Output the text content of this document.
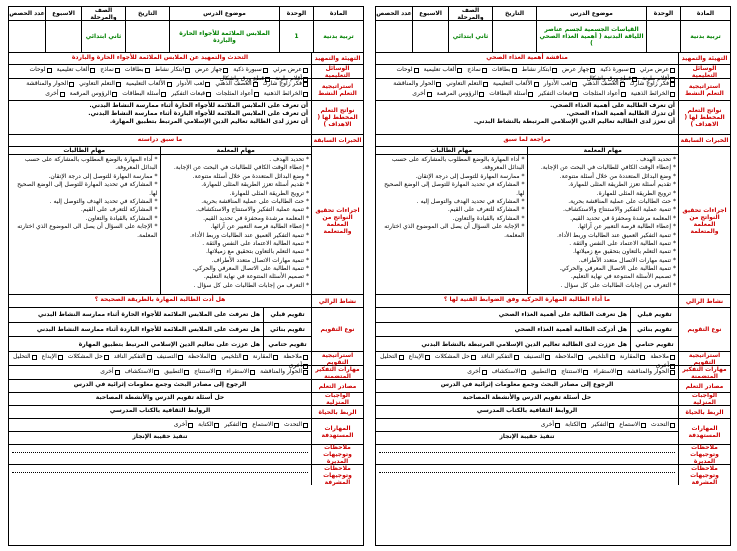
المادة
تربية بدنية
الوحدة
موضوع الدرس
القياسات الجسمية لجسم عناصر اللياقة البدنية ( أهمية الغذاء الصحي )
التاريخ
الصف والمرحلة
ثاني ابتدائي
الاسبوع
عدد الحصص
التهيئة والتمهيد
مناقشة أهمية الغذاء الصحي
الوسائل التعليمية
عرض مرئي
سبورة ذكية
جهاز عرض
ابتكار نشاط
بطاقات
نماذج
ألعاب تعليمية
لوحات
أقلام ملونة
قطع ورق واشكال
استراتيجية التعلم النشط
فكر زاوج شارك
العصف الذهني
لعب الأدوار
الألعاب التعليمية
التعلم التعاوني
الحوار والمناقشة
الخرائط الذهنية
أعواد المثلجات
قبعات التفكير
أسئلة البطاقات
الرؤوس المرقمة
أخرى
نواتج التعلم المخطط لها ( الاهداف )
أن تعرف الطالبة على أهمية الغذاء الصحي.
أن تدرك الطالبة أهمية الغذاء الصحي.
أن تعزز لدى الطالبة تعاليم الدين الإسلامي المرتبطة بالنشاط البدني.
الخبرات السابقة
مراجعة لما سبق
اجراءات تحقيق النواتج من المعلمة والمتعلمة
مهام المعلمة
مهام الطالبات
* تحديد الهدف .
* إعطاء الوقت الكافي للطالبات في البحث عن الإجابة.
* وضع البدائل المتعددة من خلال أسئلة متنوعة.
* تقديم أسئلة تعزز الطريقة المثلى للمهارة.
* ترويج الطريقة المثلى للمهارة.
* حث الطالبات على عملية المناقشة بحرية.
* تنمية عملية التفكير والاستنتاج والاستكشاف.
* المعلمة مرشدة ومحفزة في تحديد القيم.
* إعطاء الطالبة فرصة التعبير عن آرائها.
* تنمية التفكير العميق عند الطالبات وربط الأداء.
* تنمية الطالبة الاعتماد على النفس والثقة .
* تنمية التعلم بالتعاون بتحقيق مع زميلاتها.
* تنمية مهارات الاتصال متعدد الأطراف.
* تنمية الطالبة على الاتصال المعرفي والحركي.
* تصميم الأسئلة المتنوعة في نهاية التعليم.
* التعرف من إجابات الطالبات على كل سؤال .
* أداء المهارة بالوضع المطلوب بالمشاركة على حسب البدائل المعروفة.
* ممارسة المهارة للتوصل إلى درجة الإتقان.
* المشاركة في تحديد المهارة للتوصل إلى الوضع الصحيح لها.
* المشاركة في تحديد الهدف والتوصل إليه .
* المشاركة للتعرف على القيم.
* المشاركة بالقيادة والتعاون.
* الإجابة على السؤال أن يصل الى الموضوع الذي اختارته المعلمة.
نشاط الرالي
ما أداء الطالبة المهارة الحركية وفق الضوابط الفنية لها ؟
نوع التقويم
تقويم قبلي
هل تعرفت الطالبة على أهمية الغذاء الصحي
تقويم بنائي
هل أدركت الطالبة أهمية الغذاء الصحي
تقويم ختامي
هل عززت لدى الطالبة تعاليم الدين الإسلامي المرتبطة بالنشاط البدني
استراتيجية التقويم
ملاحظة
المقارنة
التلخيص
الملاحظة
التصنيف
التفكير الناقد
حل المشكلات
الإبداع
التحليل
أخرى	مهارات التفكير المتضمنة
الحوار والمناقشة
الاستقراء
الاستنتاج
التطبيق
الاستكشاف
أخرى
مصادر التعلم
الرجوع إلى مصادر البحث وجمع معلومات إثرائية في الدرس
الواجبات المنزلية
حل أسئلة تقويم الدرس والأنشطة المصاحبة
الربط بالحياة
الروابط الثقافية بالكتاب المدرسي
المهارات المستهدفة
التحدث
الاستماع
التفكير
الكتابة
أخرى
تنفيذ حقيبة الإنجاز
ملاحظات وتوجيهات المديرة
ملاحظات وتوجيهات المشرفة
المادة
تربية بدنية
الوحدة
1
موضوع الدرس
الملابس الملائمة للأجواء الحارة والباردة
التاريخ
الصف والمرحلة
ثاني ابتدائي
الاسبوع
عدد الحصص
التهيئة والتمهيد
التحدث والتمهيد عن الملابس الملائمة للأجواء الحارة والباردة
الوسائل التعليمية
عرض مرئي
سبورة ذكية
جهاز عرض
ابتكار نشاط
بطاقات
نماذج
ألعاب تعليمية
لوحات
أقلام ملونة
قطع ورق واشكال
استراتيجية التعلم النشط
فكر زاوج شارك
العصف الذهني
لعب الأدوار
الألعاب التعليمية
التعلم التعاوني
الحوار والمناقشة
الخرائط الذهنية
أعواد المثلجات
قبعات التفكير
أسئلة البطاقات
الرؤوس المرقمة
أخرى
نواتج التعلم المخطط لها ( الاهداف )
أن تعرف على الملابس الملائمة للأجواء الحارة أثناء ممارسة النشاط البدني.
أن تعرف على الملابس الملائمة للأجواء الباردة أثناء ممارسة النشاط البدني.
أن تعزز لدى الطالبة تعاليم الدين الإسلامي المرتبط بتطبيق المهارة.
الخبرات السابقة
ما سبق دراسته
اجراءات تحقيق النواتج من المعلمة والمتعلمة
مهام المعلمة
مهام الطالبات
* تحديد الهدف .
* إعطاء الوقت الكافي للطالبات في البحث عن الإجابة.
* وضع البدائل المتعددة من خلال أسئلة متنوعة.
* تقديم أسئلة تعزز الطريقة المثلى للمهارة.
* ترويج الطريقة المثلى للمهارة.
* حث الطالبات على عملية المناقشة بحرية.
* تنمية عملية التفكير والاستنتاج والاستكشاف.
* المعلمة مرشدة ومحفزة في تحديد القيم.
* إعطاء الطالبة فرصة التعبير عن آرائها.
* تنمية التفكير العميق عند الطالبات وربط الأداء.
* تنمية الطالبة الاعتماد على النفس والثقة .
* تنمية التعلم بالتعاون بتحقيق مع زميلاتها.
* تنمية مهارات الاتصال متعدد الأطراف.
* تنمية الطالبة على الاتصال المعرفي والحركي.
* تصميم الأسئلة المتنوعة في نهاية التعليم.
* التعرف من إجابات الطالبات على كل سؤال .
* أداء المهارة بالوضع المطلوب بالمشاركة على حسب البدائل المعروفة.
* ممارسة المهارة للتوصل إلى درجة الإتقان.
* المشاركة في تحديد المهارة للتوصل إلى الوضع الصحيح لها.
* المشاركة في تحديد الهدف والتوصل إليه .
* المشاركة للتعرف على القيم.
* المشاركة بالقيادة والتعاون.
* الإجابة على السؤال أن يصل الى الموضوع الذي اختارته المعلمة.
نشاط الرالي
هل أدت الطالبة المهارة بالطريقة الصحيحة ؟
نوع التقويم
تقويم قبلي
هل تعرفت على الملابس الملائمة للأجواء الحارة أثناء ممارسة النشاط البدني
تقويم بنائي
هل تعرفت على الملابس الملائمة للأجواء الباردة أثناء ممارسة النشاط البدني
تقويم ختامي
هل عززت على تعاليم الدين الإسلامي المرتبط بتطبيق المهارة
استراتيجية التقويم
ملاحظة
المقارنة
التلخيص
الملاحظة
التصنيف
التفكير الناقد
حل المشكلات
الإبداع
التحليل
أخرى	مهارات التفكير المتضمنة
الحوار والمناقشة
الاستقراء
الاستنتاج
التطبيق
الاستكشاف
أخرى
مصادر التعلم
الرجوع إلى مصادر البحث وجمع معلومات إثرائية في الدرس
الواجبات المنزلية
حل أسئلة تقويم الدرس والأنشطة المصاحبة
الربط بالحياة
الروابط الثقافية بالكتاب المدرسي
المهارات المستهدفة
التحدث
الاستماع
التفكير
الكتابة
أخرى
تنفيذ حقيبة الإنجاز
ملاحظات وتوجيهات المديرة
ملاحظات وتوجيهات المشرفة
